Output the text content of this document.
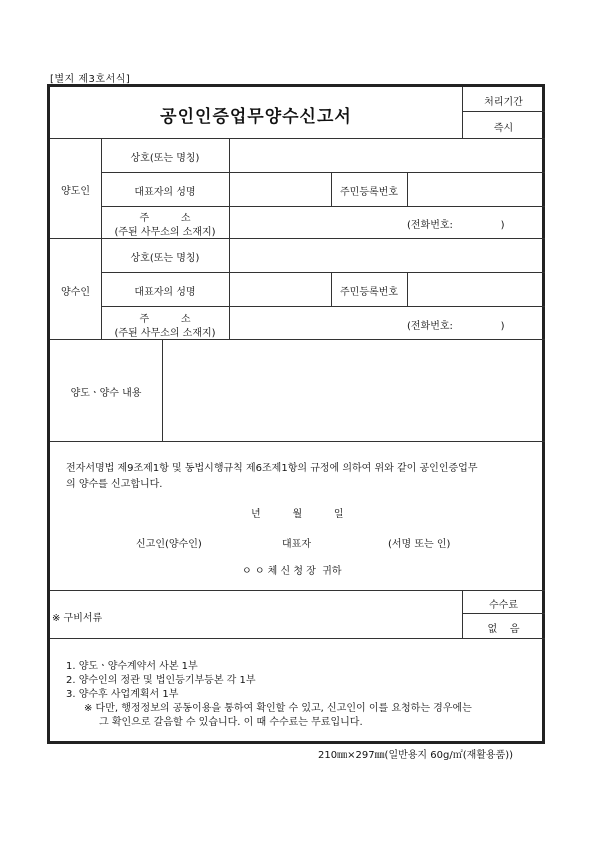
[별지 제3호서식]
공인인증업무양수신고서
처리기간
즉시
양도인
상호(또는 명칭)
대표자의 성명	주민등록번호
주          소
(주된 사무소의 소재지)
(전화번호:               )
양수인
상호(또는 명칭)
대표자의 성명	주민등록번호
주          소
(주된 사무소의 소재지)
(전화번호:               )
양도ㆍ양수 내용
전자서명법 제9조제1항 및 동법시행규칙 제6조제1항의 규정에 의하여 위와 같이 공인인증업무
의 양수를 신고합니다.
년          월          일
신고인(양수인)	대표자	(서명 또는 인)
ㅇ ㅇ 체 신 청 장  귀하
※ 구비서류
수수료
없    음
1. 양도ㆍ양수계약서 사본 1부
2. 양수인의 정관 및 법인등기부등본 각 1부
3. 양수후 사업계획서 1부
※ 다만, 행정정보의 공동이용을 통하여 확인할 수 있고, 신고인이 이를 요청하는 경우에는
그 확인으로 갈음할 수 있습니다. 이 때 수수료는 무료입니다.
210㎜×297㎜(일반용지 60g/㎡(재활용품))
